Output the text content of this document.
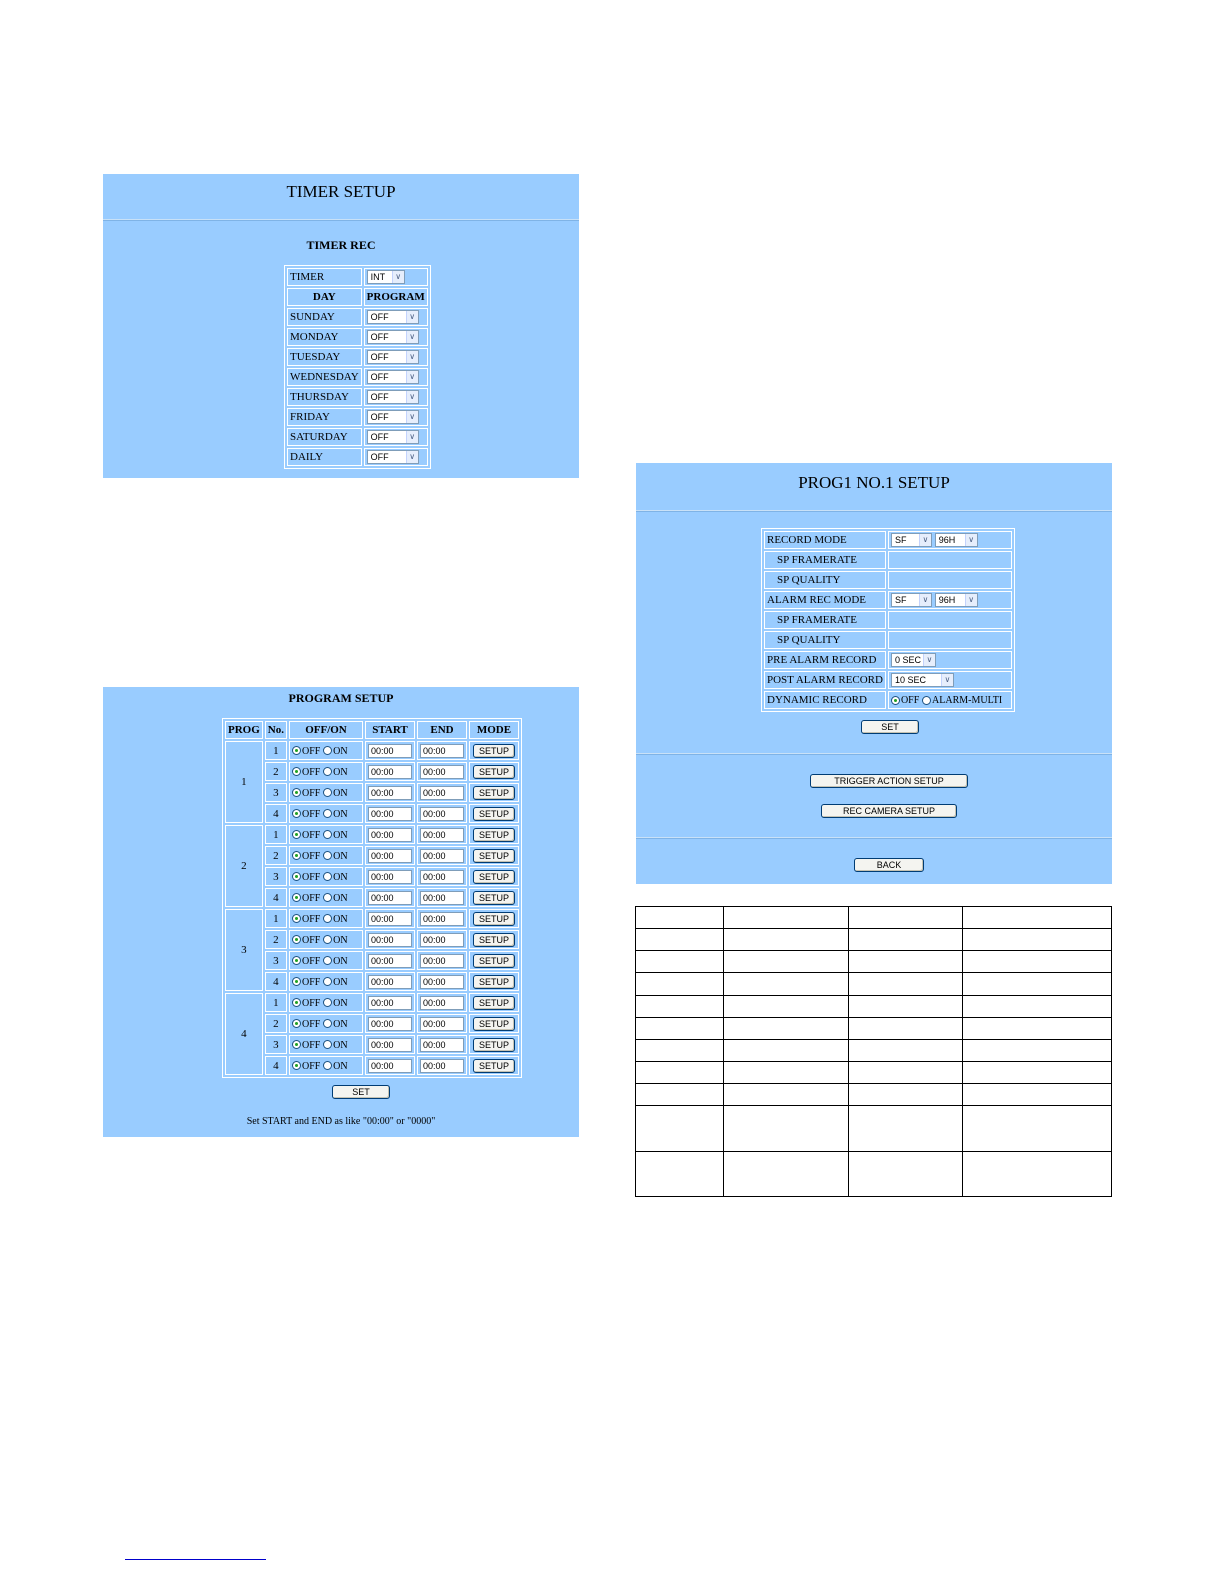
TIMER SETUP
TIMER REC
TIMER	INT ∨

DAY	PROGRAM
SUNDAY	OFF ∨

MONDAY	OFF ∨

TUESDAY	OFF ∨

WEDNESDAY	OFF ∨

THURSDAY	OFF ∨

FRIDAY	OFF ∨

SATURDAY	OFF ∨

DAILY	OFF ∨
PROGRAM SETUP
PROG	No.	OFF/ON	START	END	MODE
1	1	OFF ON	00:00	00:00	SETUP
	2	OFF ON	00:00	00:00	SETUP
	3	OFF ON	00:00	00:00	SETUP
	4	OFF ON	00:00	00:00	SETUP
2	1	OFF ON	00:00	00:00	SETUP
	2	OFF ON	00:00	00:00	SETUP
	3	OFF ON	00:00	00:00	SETUP
	4	OFF ON	00:00	00:00	SETUP
3	1	OFF ON	00:00	00:00	SETUP
	2	OFF ON	00:00	00:00	SETUP
	3	OFF ON	00:00	00:00	SETUP
	4	OFF ON	00:00	00:00	SETUP
4	1	OFF ON	00:00	00:00	SETUP
	2	OFF ON	00:00	00:00	SETUP
	3	OFF ON	00:00	00:00	SETUP
	4	OFF ON	00:00	00:00	SETUP
SET
Set START and END as like "00:00" or "0000"
PROG1 NO.1 SETUP
RECORD MODE	SF ∨ 96H ∨

SP FRAMERATE	
SP QUALITY	
ALARM REC MODE	SF ∨ 96H ∨

SP FRAMERATE	
SP QUALITY	
PRE ALARM RECORD	0 SEC ∨

POST ALARM RECORD	10 SEC ∨

DYNAMIC RECORD	OFF ALARM-MULTI
SET
TRIGGER ACTION SETUP
REC CAMERA SETUP
BACK
